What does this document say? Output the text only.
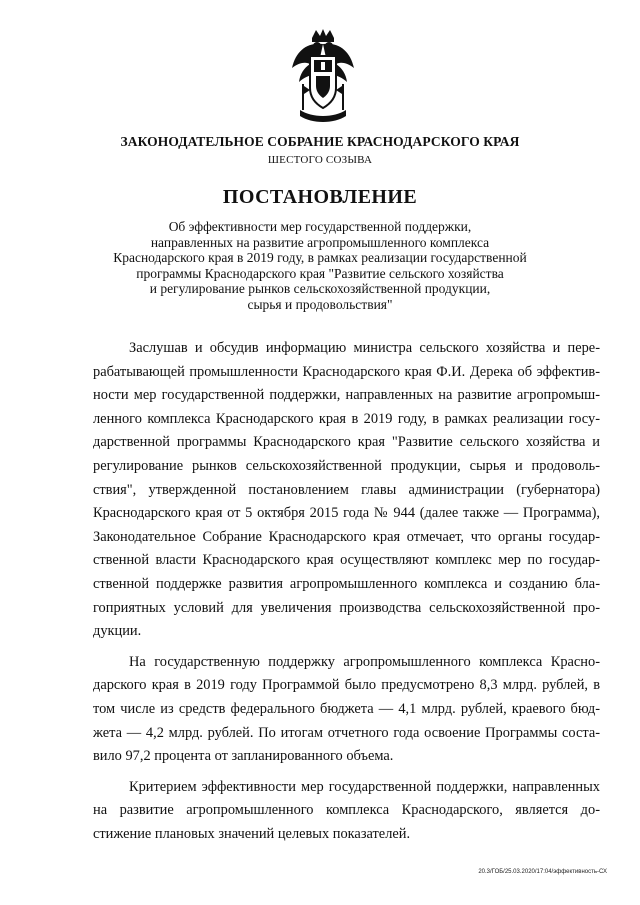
ЗАКОНОДАТЕЛЬНОЕ СОБРАНИЕ КРАСНОДАРСКОГО КРАЯ
ШЕСТОГО СОЗЫВА
ПОСТАНОВЛЕНИЕ
Об эффективности мер государственной поддержки,
направленных на развитие агропромышленного комплекса
Краснодарского края в 2019 году, в рамках реализации государственной
программы Краснодарского края "Развитие сельского хозяйства
и регулирование рынков сельскохозяйственной продукции,
сырья и продовольствия"

Заслушав и обсудив информацию министра сельского хозяйства и перерабатывающей промышленности Краснодарского края Ф.И. Дерека об эффективности мер государственной поддержки, направленных на развитие агропромышленного комплекса Краснодарского края в 2019 году, в рамках реализации государственной программы Краснодарского края "Развитие сельского хозяйства и регулирование рынков сельскохозяйственной продукции, сырья и продовольствия", утвержденной постановлением главы администрации (губернатора) Краснодарского края от 5 октября 2015 года № 944 (далее также — Программа), Законодательное Собрание Краснодарского края отмечает, что органы государственной власти Краснодарского края осуществляют комплекс мер по государственной поддержке развития агропромышленного комплекса и созданию благоприятных условий для увеличения производства сельскохозяйственной продукции.

На государственную поддержку агропромышленного комплекса Краснодарского края в 2019 году Программой было предусмотрено 8,3 млрд. рублей, в том числе из средств федерального бюджета — 4,1 млрд. рублей, краевого бюджета — 4,2 млрд. рублей. По итогам отчетного года освоение Программы составило 97,2 процента от запланированного объема.

Критерием эффективности мер государственной поддержки, направленных на развитие агропромышленного комплекса Краснодарского, является достижение плановых значений целевых показателей.

20.3/ГОБ/25.03.2020/17:04/эффективность-СХ
